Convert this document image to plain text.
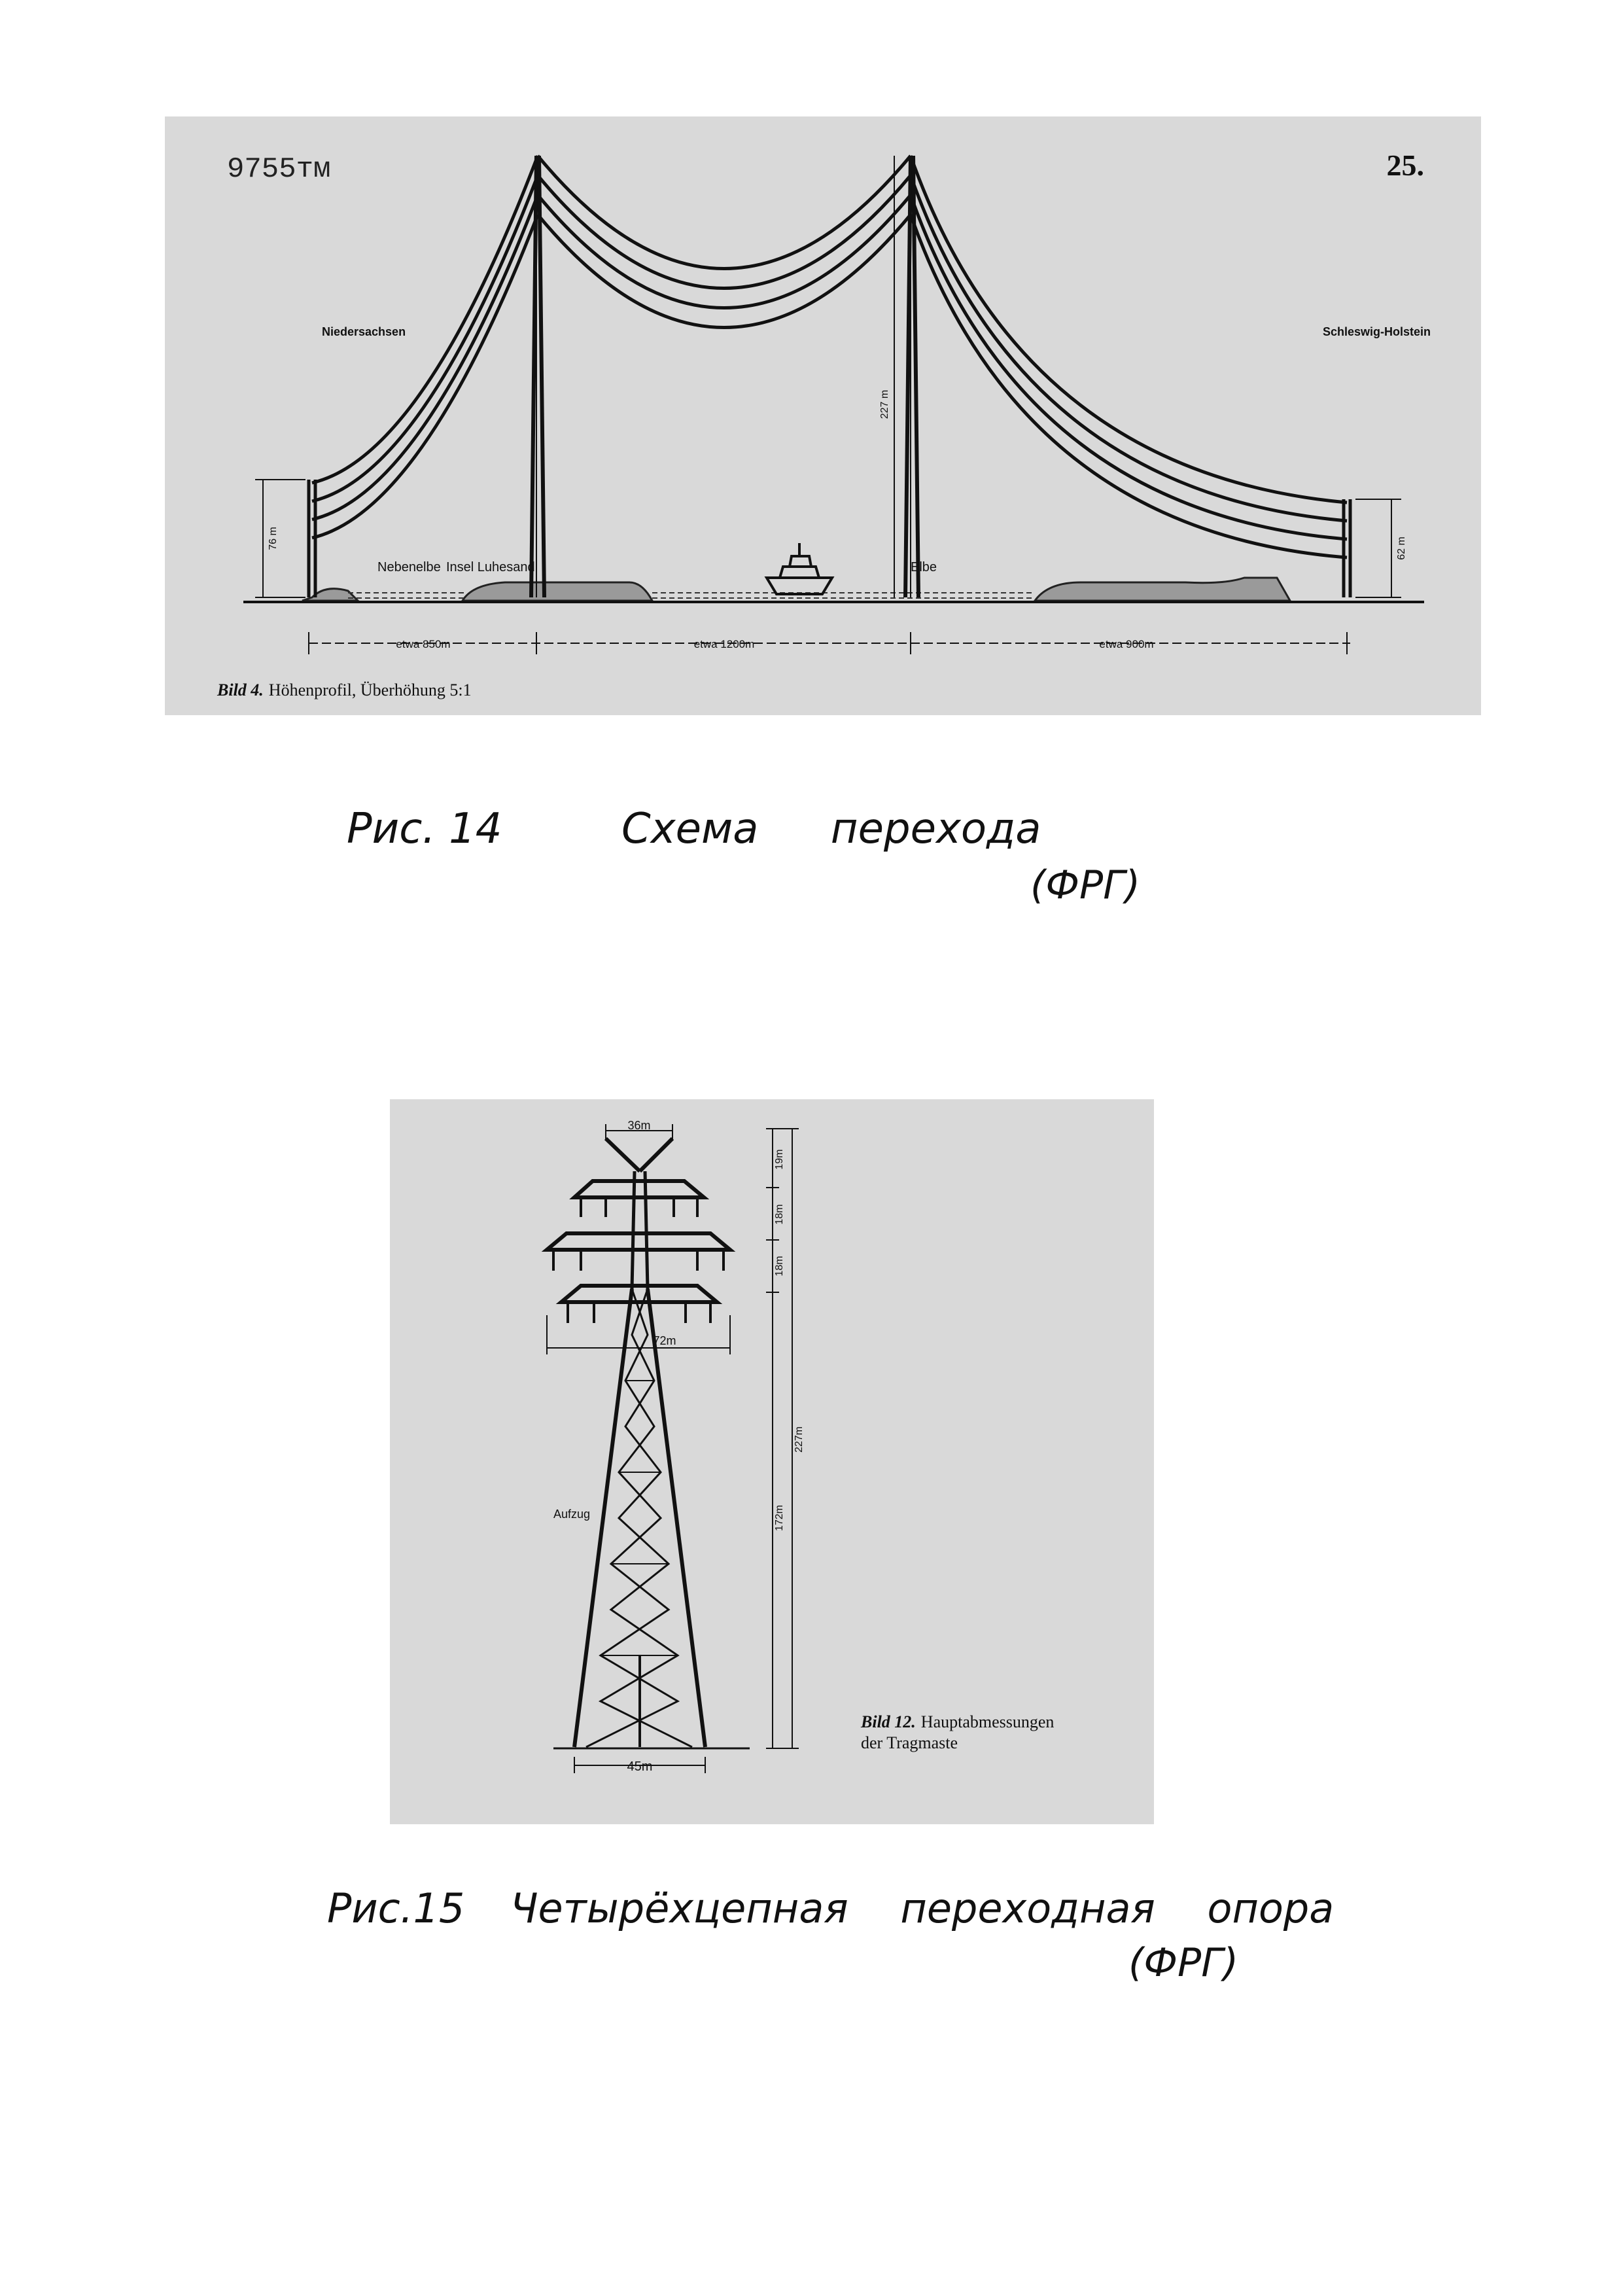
9755тм	25.
Niedersachsen	Schleswig-Holstein
76 m
227 m
62 m
Nebenelbe Insel Luhesand	Elbe
etwa 850m	etwa 1200m	etwa 900m
Bild 4. Höhenprofil, Überhöhung 5:1
Рис. 14	Схема перехода
(ФРГ)
36m
72m
45m
19m
18m
18m
172m
227m
Aufzug
Bild 12. Hauptabmessungen
der Tragmaste
Рис.15 Четырёхцепная переходная опора
(ФРГ)
